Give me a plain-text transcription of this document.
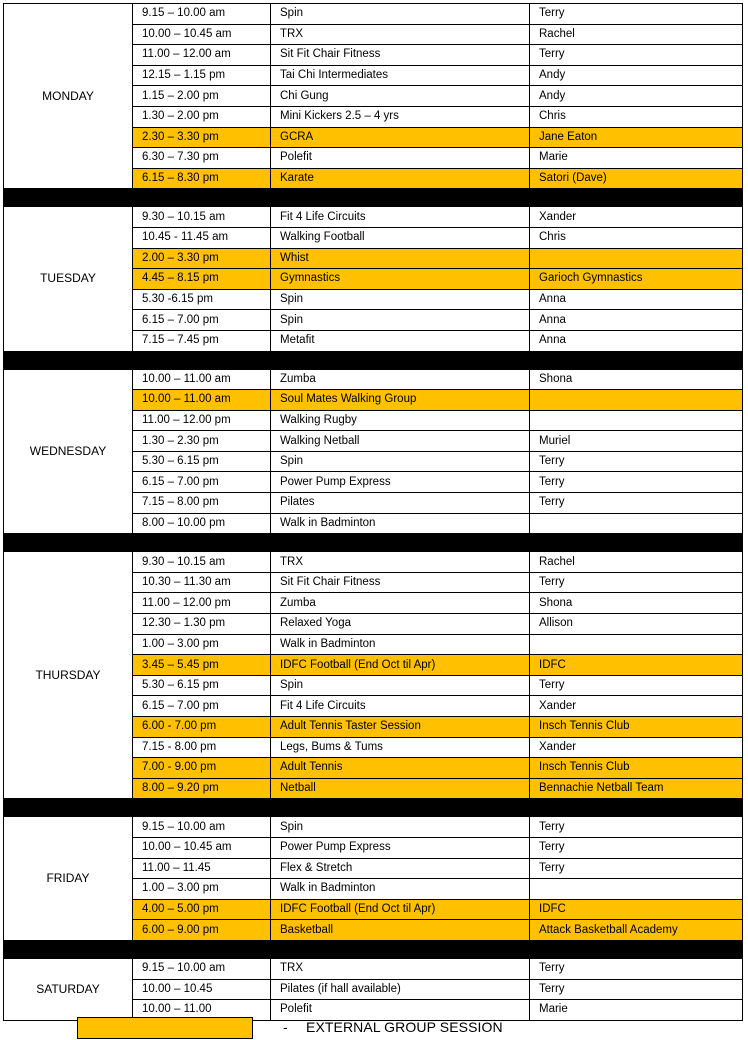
MONDAY	9.15 – 10.00 am	Spin	Terry
	10.00 – 10.45 am	TRX	Rachel
	11.00 – 12.00 am	Sit Fit Chair Fitness	Terry
	12.15 – 1.15 pm	Tai Chi Intermediates	Andy
	1.15 – 2.00 pm	Chi Gung	Andy
	1.30 – 2.00 pm	Mini Kickers 2.5 – 4 yrs	Chris
	2.30 – 3.30 pm	GCRA	Jane Eaton
	6.30 – 7.30 pm	Polefit	Marie
	6.15 – 8.30 pm	Karate	Satori (Dave)

TUESDAY	9.30 – 10.15 am	Fit 4 Life Circuits	Xander
	10.45 - 11.45 am	Walking Football	Chris
	2.00 – 3.30 pm	Whist	
	4.45 – 8.15 pm	Gymnastics	Garioch Gymnastics
	5.30 -6.15 pm	Spin	Anna
	6.15 – 7.00 pm	Spin	Anna
	7.15 – 7.45 pm	Metafit	Anna

WEDNESDAY	10.00 – 11.00 am	Zumba	Shona
	10.00 – 11.00 am	Soul Mates Walking Group	
	11.00 – 12.00 pm	Walking Rugby	
	1.30 – 2.30 pm	Walking Netball	Muriel
	5.30 – 6.15 pm	Spin	Terry
	6.15 – 7.00 pm	Power Pump Express	Terry
	7.15 – 8.00 pm	Pilates	Terry
	8.00 – 10.00 pm	Walk in Badminton	

THURSDAY	9.30 – 10.15 am	TRX	Rachel
	10.30 – 11.30 am	Sit Fit Chair Fitness	Terry
	11.00 – 12.00 pm	Zumba	Shona
	12.30 – 1.30 pm	Relaxed Yoga	Allison
	1.00 – 3.00 pm	Walk in Badminton	
	3.45 – 5.45 pm	IDFC Football (End Oct til Apr)	IDFC
	5.30 – 6.15 pm	Spin	Terry
	6.15 – 7.00 pm	Fit 4 Life Circuits	Xander
	6.00 - 7.00 pm	Adult Tennis Taster Session	Insch Tennis Club
	7.15 - 8.00 pm	Legs, Bums & Tums	Xander
	7.00 - 9.00 pm	Adult Tennis	Insch Tennis Club
	8.00 – 9.20 pm	Netball	Bennachie Netball Team

FRIDAY	9.15 – 10.00 am	Spin	Terry
	10.00 – 10.45 am	Power Pump Express	Terry
	11.00 – 11.45	Flex & Stretch	Terry
	1.00 – 3.00 pm	Walk in Badminton	
	4.00 – 5.00 pm	IDFC Football (End Oct til Apr)	IDFC
	6.00 – 9.00 pm	Basketball	Attack Basketball Academy

SATURDAY	9.15 – 10.00 am	TRX	Terry
	10.00 – 10.45	Pilates (if hall available)	Terry
	10.00 – 11.00	Polefit	Marie
- EXTERNAL GROUP SESSION
